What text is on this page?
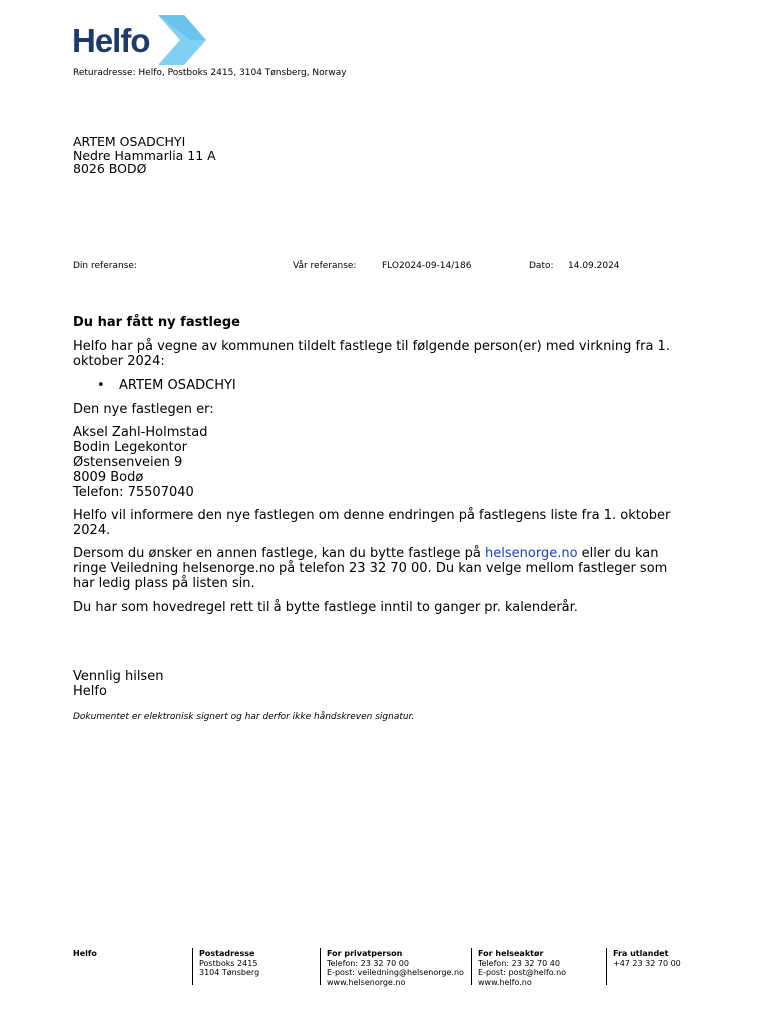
Helfo
Returadresse: Helfo, Postboks 2415, 3104 Tønsberg, Norway
ARTEM OSADCHYI
Nedre Hammarlia 11 A
8026 BODØ
Din referanse:	Vår referanse:	FLO2024-09-14/186	Dato: 14.09.2024
Du har fått ny fastlege

Helfo har på vegne av kommunen tildelt fastlege til følgende person(er) med virkning fra 1. oktober 2024:

• ARTEM OSADCHYI

Den nye fastlegen er:

Aksel Zahl-Holmstad
Bodin Legekontor
Østensenveien 9
8009 Bodø
Telefon: 75507040

Helfo vil informere den nye fastlegen om denne endringen på fastlegens liste fra 1. oktober 2024.

Dersom du ønsker en annen fastlege, kan du bytte fastlege på helsenorge.no eller du kan ringe Veiledning helsenorge.no på telefon 23 32 70 00. Du kan velge mellom fastleger som har ledig plass på listen sin.

Du har som hovedregel rett til å bytte fastlege inntil to ganger pr. kalenderår.

Vennlig hilsen
Helfo
Dokumentet er elektronisk signert og har derfor ikke håndskreven signatur.
Helfo	Postadresse
Postboks 2415
3104 Tønsberg
For privatperson
Telefon: 23 32 70 00
E-post: veiledning@helsenorge.no
www.helsenorge.no
For helseaktør
Telefon: 23 32 70 40
E-post: post@helfo.no
www.helfo.no
Fra utlandet
+47 23 32 70 00
